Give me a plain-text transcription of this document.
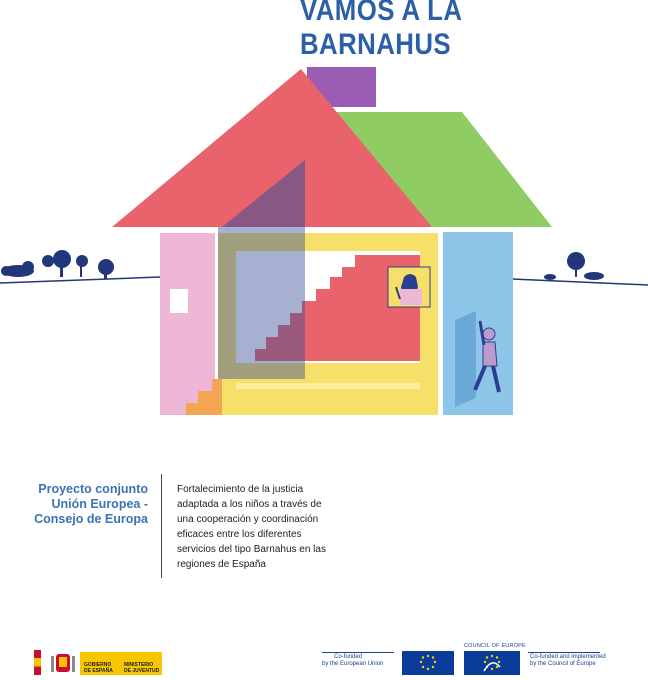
VAMOS A LA BARNAHUS
Proyecto conjunto
Unión Europea -
Consejo de Europa
Fortalecimiento de la justicia
adaptada a los niños a través de
una cooperación y coordinación
eficaces entre los diferentes
servicios del tipo Barnahus en las
regiones de España
GOBIERNO DE ESPAÑA
MINISTERIO DE JUVENTUD
Co-funded
by the European Union
COUNCIL OF EUROPE
Co-funded and implemented
by the Council of Europe
